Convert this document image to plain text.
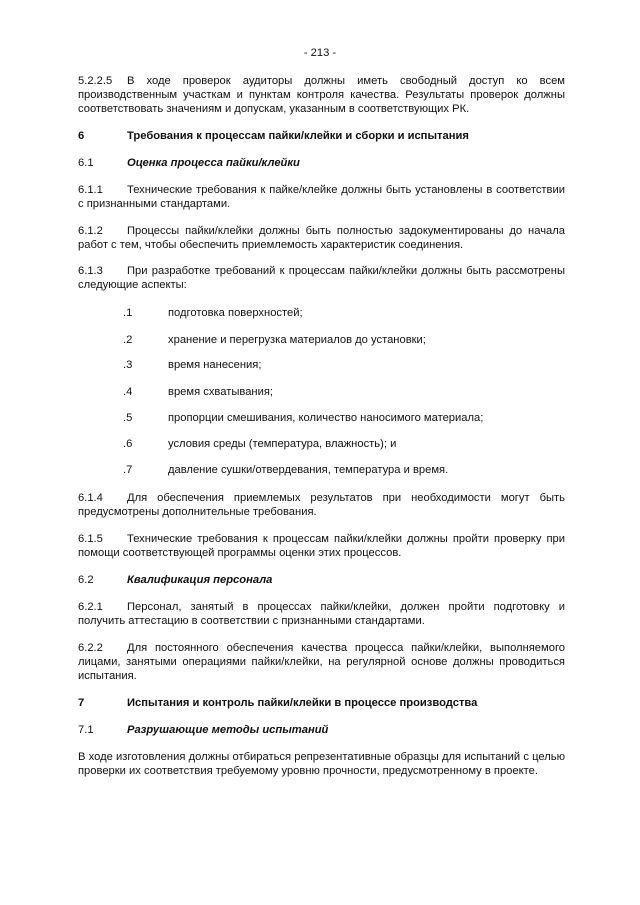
- 213 -
5.2.2.5 В ходе проверок аудиторы должны иметь свободный доступ ко всем производственным участкам и пунктам контроля качества. Результаты проверок должны соответствовать значениям и допускам, указанным в соответствующих РК.
6	Требования к процессам пайки/клейки и сборки и испытания
6.1	Оценка процесса пайки/клейки
6.1.1 Технические требования к пайке/клейке должны быть установлены в соответствии с признанными стандартами.
6.1.2 Процессы пайки/клейки должны быть полностью задокументированы до начала работ с тем, чтобы обеспечить приемлемость характеристик соединения.
6.1.3 При разработке требований к процессам пайки/клейки должны быть рассмотрены следующие аспекты:
.1	подготовка поверхностей;
.2	хранение и перегрузка материалов до установки;
.3	время нанесения;
.4	время схватывания;
.5	пропорции смешивания, количество наносимого материала;
.6	условия среды (температура, влажность); и
.7	давление сушки/отвердевания, температура и время.
6.1.4 Для обеспечения приемлемых результатов при необходимости могут быть предусмотрены дополнительные требования.
6.1.5 Технические требования к процессам пайки/клейки должны пройти проверку при помощи соответствующей программы оценки этих процессов.
6.2	Квалификация персонала
6.2.1 Персонал, занятый в процессах пайки/клейки, должен пройти подготовку и получить аттестацию в соответствии с признанными стандартами.
6.2.2 Для постоянного обеспечения качества процесса пайки/клейки, выполняемого лицами, занятыми операциями пайки/клейки, на регулярной основе должны проводиться испытания.
7	Испытания и контроль пайки/клейки в процессе производства
7.1	Разрушающие методы испытаний
В ходе изготовления должны отбираться репрезентативные образцы для испытаний с целью проверки их соответствия требуемому уровню прочности, предусмотренному в проекте.
